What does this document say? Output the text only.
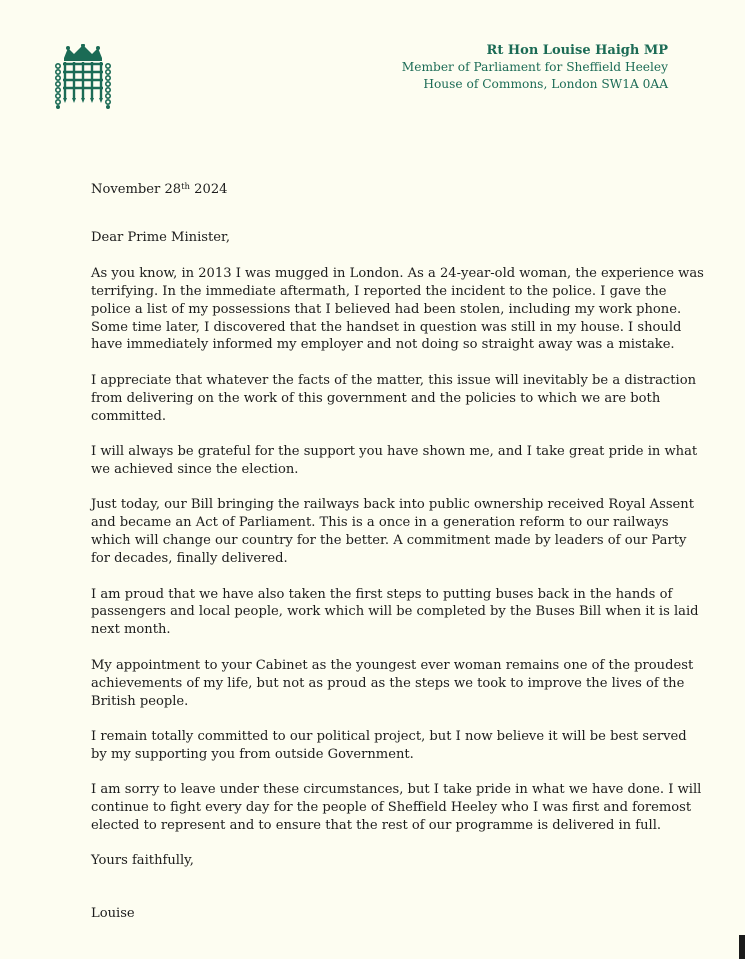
Rt Hon Louise Haigh MP
Member of Parliament for Sheffield Heeley
House of Commons, London SW1A 0AA

November 28th 2024

Dear Prime Minister,

As you know, in 2013 I was mugged in London. As a 24-year-old woman, the experience was terrifying. In the immediate aftermath, I reported the incident to the police. I gave the police a list of my possessions that I believed had been stolen, including my work phone. Some time later, I discovered that the handset in question was still in my house. I should have immediately informed my employer and not doing so straight away was a mistake.

I appreciate that whatever the facts of the matter, this issue will inevitably be a distraction from delivering on the work of this government and the policies to which we are both committed.

I will always be grateful for the support you have shown me, and I take great pride in what we achieved since the election.

Just today, our Bill bringing the railways back into public ownership received Royal Assent and became an Act of Parliament. This is a once in a generation reform to our railways which will change our country for the better. A commitment made by leaders of our Party for decades, finally delivered.

I am proud that we have also taken the first steps to putting buses back in the hands of passengers and local people, work which will be completed by the Buses Bill when it is laid next month.

My appointment to your Cabinet as the youngest ever woman remains one of the proudest achievements of my life, but not as proud as the steps we took to improve the lives of the British people.

I remain totally committed to our political project, but I now believe it will be best served by my supporting you from outside Government.

I am sorry to leave under these circumstances, but I take pride in what we have done. I will continue to fight every day for the people of Sheffield Heeley who I was first and foremost elected to represent and to ensure that the rest of our programme is delivered in full.

Yours faithfully,

Louise
